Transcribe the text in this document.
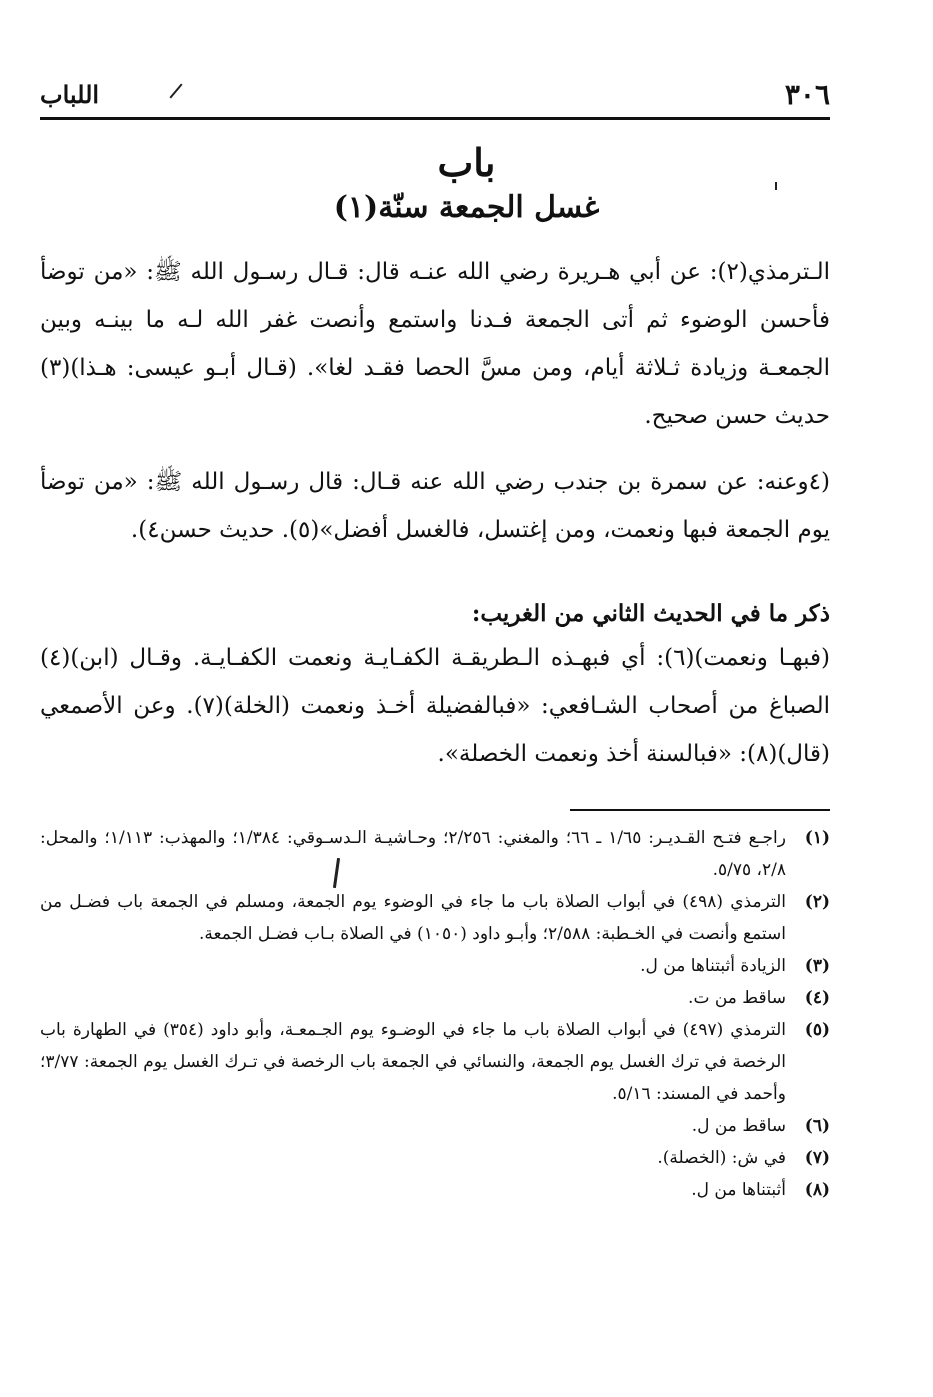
٣٠٦
اللباب
باب
غسل الجمعة سنّة(١)
الـترمذي(٢): عن أبي هـريرة رضي الله عنـه قال: قـال رسـول الله ﷺ: «من توضأ فأحسن الوضوء ثم أتى الجمعة فـدنا واستمع وأنصت غفر الله لـه ما بينـه وبين الجمعـة وزيادة ثـلاثة أيام، ومن مسَّ الحصا فقـد لغا». (قـال أبـو عيسى: هـذا)(٣) حديث حسن صحيح.
(٤وعنه: عن سمرة بن جندب رضي الله عنه قـال: قال رسـول الله ﷺ: «من توضأ يوم الجمعة فبها ونعمت، ومن إغتسل، فالغسل أفضل»(٥). حديث حسن٤).
ذكر ما في الحديث الثاني من الغريب:
(فبهـا ونعمت)(٦): أي فبهـذه الـطريقـة الكفـايـة ونعمت الكفـايـة. وقـال (ابن)(٤) الصباغ من أصحاب الشـافعي: «فبالفضيلة أخـذ ونعمت (الخلة)(٧). وعن الأصمعي (قال)(٨): «فبالسنة أخذ ونعمت الخصلة».
(١)
راجـع فتـح القـديـر: ١/٦٥ ـ ٦٦؛ والمغني: ٢/٢٥٦؛ وحـاشيـة الـدسـوقي: ١/٣٨٤؛ والمهذب: ١/١١٣؛ والمحل: ٢/٨، ٥/٧٥.
(٢)
الترمذي (٤٩٨) في أبواب الصلاة باب ما جاء في الوضوء يوم الجمعة، ومسلم في الجمعة باب فضـل من استمع وأنصت في الخـطبة: ٢/٥٨٨؛ وأبـو داود (١٠٥٠) في الصلاة بـاب فضـل الجمعة.
(٣)
الزيادة أثبتناها من ل.
(٤)
ساقط من ت.
(٥)
الترمذي (٤٩٧) في أبواب الصلاة باب ما جاء في الوضـوء يوم الجـمعـة، وأبو داود (٣٥٤) في الطهارة باب الرخصة في ترك الغسل يوم الجمعة، والنسائي في الجمعة باب الرخصة في تـرك الغسل يوم الجمعة: ٣/٧٧؛ وأحمد في المسند: ٥/١٦.
(٦)
ساقط من ل.
(٧)
في ش: (الخصلة).
(٨)
أثبتناها من ل.
